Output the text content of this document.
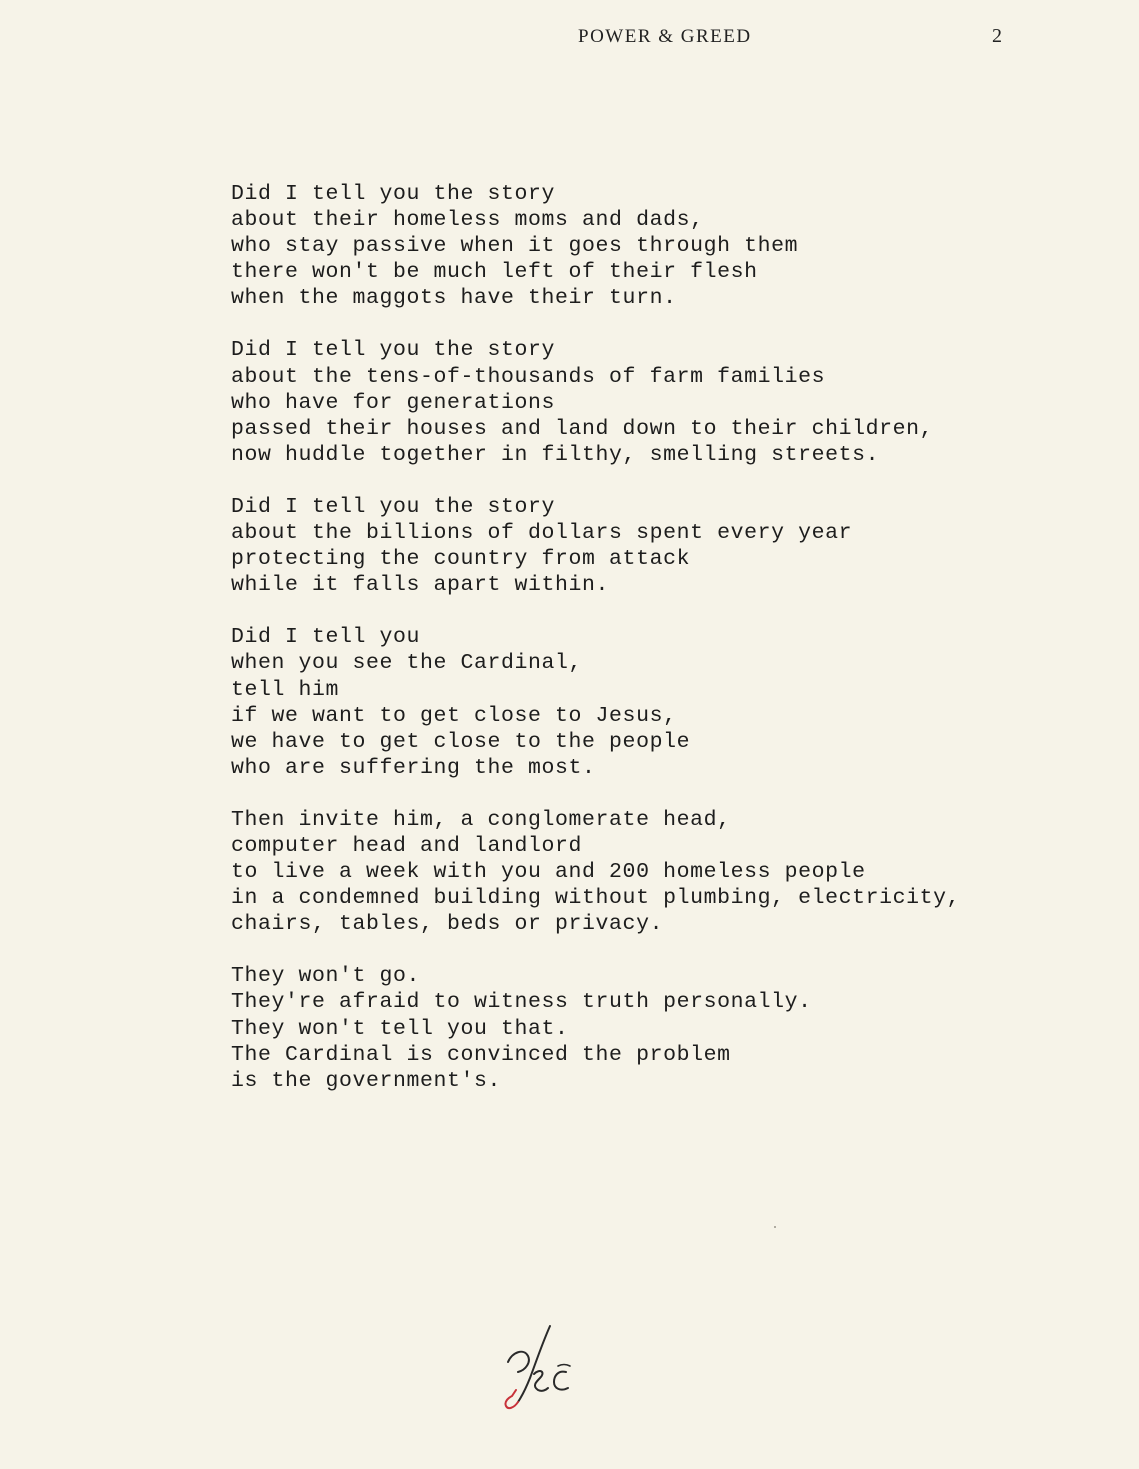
POWER & GREED	2
Did I tell you the story
about their homeless moms and dads,
who stay passive when it goes through them
there won't be much left of their flesh
when the maggots have their turn.
Did I tell you the story
about the tens-of-thousands of farm families
who have for generations
passed their houses and land down to their children,
now huddle together in filthy, smelling streets.
Did I tell you the story
about the billions of dollars spent every year
protecting the country from attack
while it falls apart within.
Did I tell you
when you see the Cardinal,
tell him
if we want to get close to Jesus,
we have to get close to the people
who are suffering the most.
Then invite him, a conglomerate head,
computer head and landlord
to live a week with you and 200 homeless people
in a condemned building without plumbing, electricity,
chairs, tables, beds or privacy.
They won't go.
They're afraid to witness truth personally.
They won't tell you that.
The Cardinal is convinced the problem
is the government's.
